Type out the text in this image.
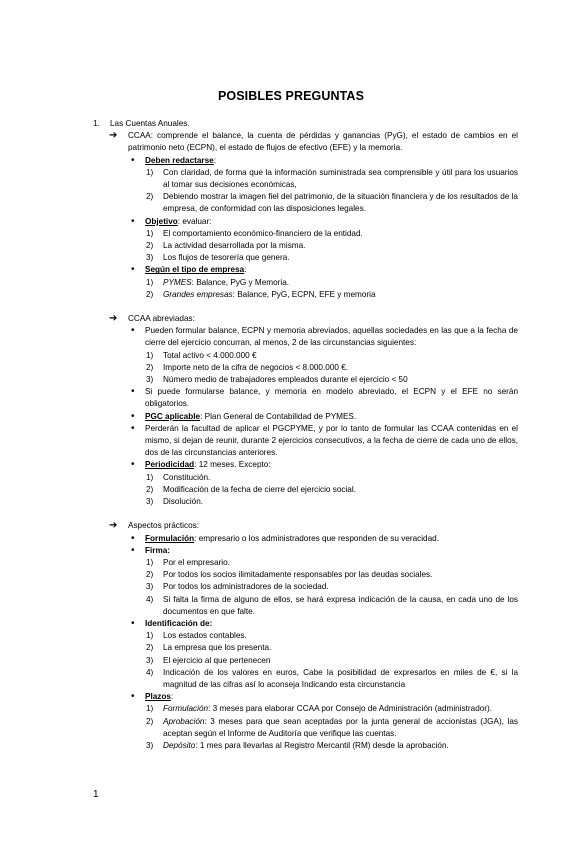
POSIBLES PREGUNTAS
1. Las Cuentas Anuales.
➔ CCAA: comprende el balance, la cuenta de pérdidas y ganancias (PyG), el estado de cambios en el patrimonio neto (ECPN), el estado de flujos de efectivo (EFE) y la memoria.
• Deben redactarse:
1) Con claridad, de forma que la información suministrada sea comprensible y útil para los usuarios al tomar sus decisiones económicas,
2) Debiendo mostrar la imagen fiel del patrimonio, de la situación financiera y de los resultados de la empresa, de conformidad con las disposiciones legales.
• Objetivo: evaluar:
1) El comportamiento económico-financiero de la entidad.
2) La actividad desarrollada por la misma.
3) Los flujos de tesorería que genera.
• Según el tipo de empresa:
1) PYMES: Balance, PyG y Memoria.
2) Grandes empresas: Balance, PyG, ECPN, EFE y memoria
➔ CCAA abreviadas:
• Pueden formular balance, ECPN y memoria abreviados, aquellas sociedades en las que a la fecha de cierre del ejercicio concurran, al menos, 2 de las circunstancias siguientes:
1) Total activo < 4.000.000 €
2) Importe neto de la cifra de negocios < 8.000.000 €.
3) Número medio de trabajadores empleados durante el ejercicio < 50
• Si puede formularse balance, y memoria en modelo abreviado, el ECPN y el EFE no serán obligatorios.
• PGC aplicable: Plan General de Contabilidad de PYMES.
• Perderán la facultad de aplicar el PGCPYME, y por lo tanto de formular las CCAA contenidas en el mismo, si dejan de reunir, durante 2 ejercicios consecutivos, a la fecha de cierre de cada uno de ellos, dos de las circunstancias anteriores.
• Periodicidad: 12 meses. Excepto:
1) Constitución.
2) Modificación de la fecha de cierre del ejercicio social.
3) Disolución.
➔ Aspectos prácticos:
• Formulación: empresario o los administradores que responden de su veracidad.
• Firma:
1) Por el empresario.
2) Por todos los socios ilimitadamente responsables por las deudas sociales.
3) Por todos los administradores de la sociedad.
4) Si falta la firma de alguno de ellos, se hará expresa indicación de la causa, en cada uno de los documentos en que falte.
• Identificación de:
1) Los estados contables.
2) La empresa que los presenta.
3) El ejercicio al que pertenecen
4) Indicación de los valores en euros, Cabe la posibilidad de expresarlos en miles de €, si la magnitud de las cifras así lo aconseja Indicando esta circunstancia
• Plazos:
1) Formulación: 3 meses para elaborar CCAA por Consejo de Administración (administrador).
2) Aprobación: 3 meses para que sean aceptadas por la junta general de accionistas (JGA), las aceptan según el Informe de Auditoría que verifique las cuentas.
3) Depósito: 1 mes para llevarlas al Registro Mercantil (RM) desde la aprobación.
1
